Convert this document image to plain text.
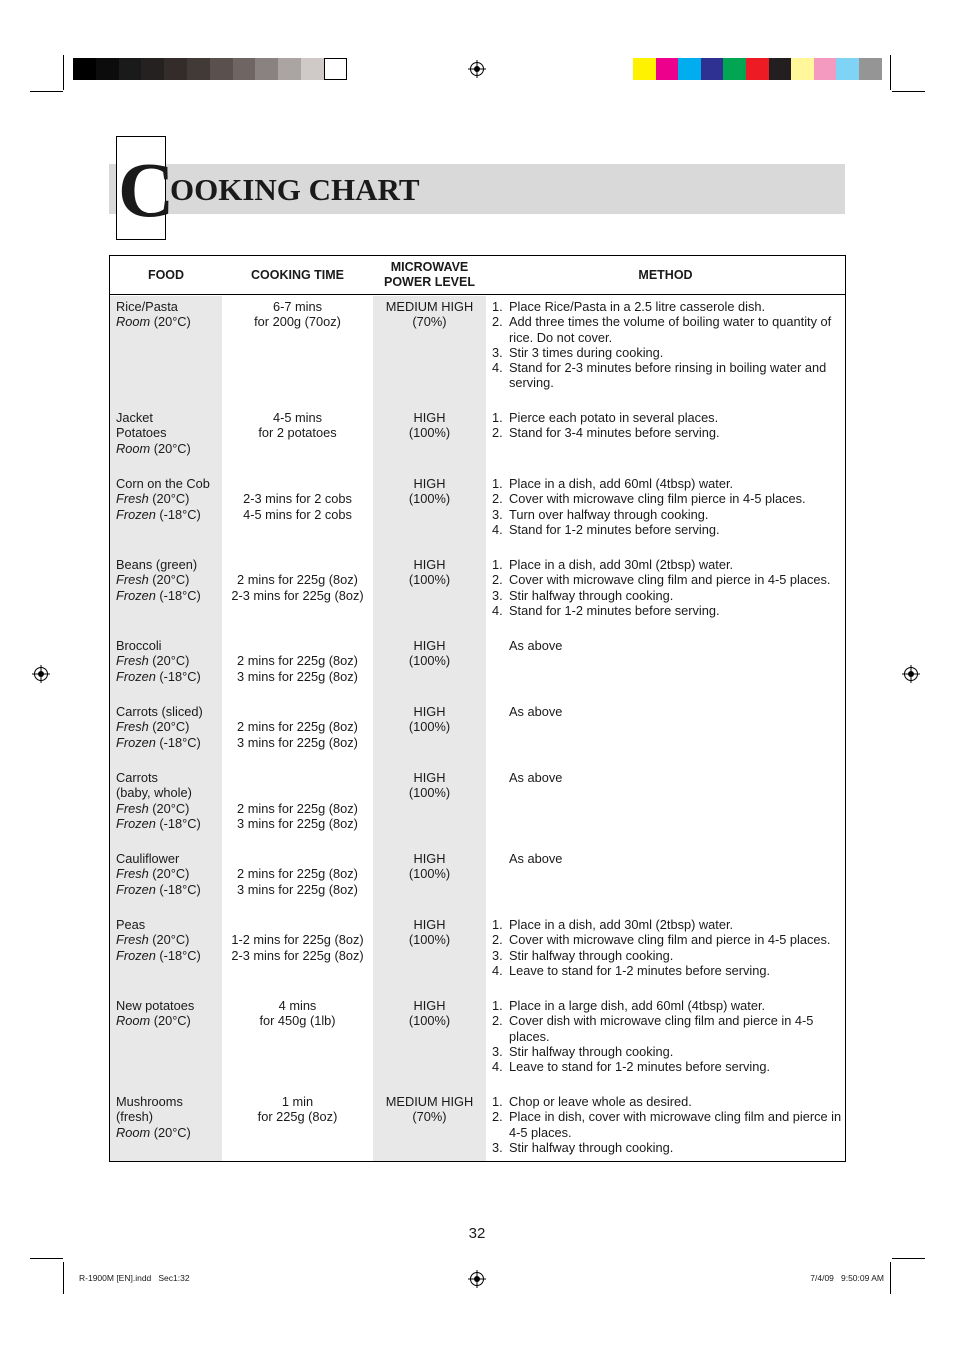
C
OOKING CHART
FOOD	COOKING TIME
MICROWAVE
POWER LEVEL
METHOD
Rice/Pasta
Room (20°C)
6-7 mins
for 200g (70oz)
MEDIUM HIGH
(70%)
1. Place Rice/Pasta in a 2.5 litre casserole dish.
2. Add three times the volume of boiling water to quantity of rice. Do not cover.
3. Stir 3 times during cooking.
4. Stand for 2-3 minutes before rinsing in boiling water and serving.
Jacket
Potatoes
Room (20°C)
4-5 mins
for 2 potatoes
HIGH
(100%)
1. Pierce each potato in several places.
2. Stand for 3-4 minutes before serving.
Corn on the Cob
Fresh (20°C)
Frozen (-18°C)
2-3 mins for 2 cobs
4-5 mins for 2 cobs
HIGH
(100%)
1. Place in a dish, add 60ml (4tbsp) water.
2. Cover with microwave cling film pierce in 4-5 places.
3. Turn over halfway through cooking.
4. Stand for 1-2 minutes before serving.
Beans (green)
Fresh (20°C)
Frozen (-18°C)
2 mins for 225g (8oz)
2-3 mins for 225g (8oz)
HIGH
(100%)
1. Place in a dish, add 30ml (2tbsp) water.
2. Cover with microwave cling film and pierce in 4-5 places.
3. Stir halfway through cooking.
4. Stand for 1-2 minutes before serving.
Broccoli
Fresh (20°C)
Frozen (-18°C)
2 mins for 225g (8oz)
3 mins for 225g (8oz)
HIGH
(100%)
As above
Carrots (sliced)
Fresh (20°C)
Frozen (-18°C)
2 mins for 225g (8oz)
3 mins for 225g (8oz)
HIGH
(100%)
As above
Carrots
(baby, whole)
Fresh (20°C)
Frozen (-18°C)
2 mins for 225g (8oz)
3 mins for 225g (8oz)
HIGH
(100%)
As above
Cauliflower
Fresh (20°C)
Frozen (-18°C)
2 mins for 225g (8oz)
3 mins for 225g (8oz)
HIGH
(100%)
As above
Peas
Fresh (20°C)
Frozen (-18°C)
1-2 mins for 225g (8oz)
2-3 mins for 225g (8oz)
HIGH
(100%)
1. Place in a dish, add 30ml (2tbsp) water.
2. Cover with microwave cling film and pierce in 4-5 places.
3. Stir halfway through cooking.
4. Leave to stand for 1-2 minutes before serving.
New potatoes
Room (20°C)
4 mins
for 450g (1lb)
HIGH
(100%)
1. Place in a large dish, add 60ml (4tbsp) water.
2. Cover dish with microwave cling film and pierce in 4-5 places.
3. Stir halfway through cooking.
4. Leave to stand for 1-2 minutes before serving.
Mushrooms
(fresh)
Room (20°C)
1 min
for 225g (8oz)
MEDIUM HIGH
(70%)
1. Chop or leave whole as desired.
2. Place in dish, cover with microwave cling film and pierce in 4-5 places.
3. Stir halfway through cooking.
32
R-1900M [EN].indd   Sec1:32	7/4/09   9:50:09 AM
